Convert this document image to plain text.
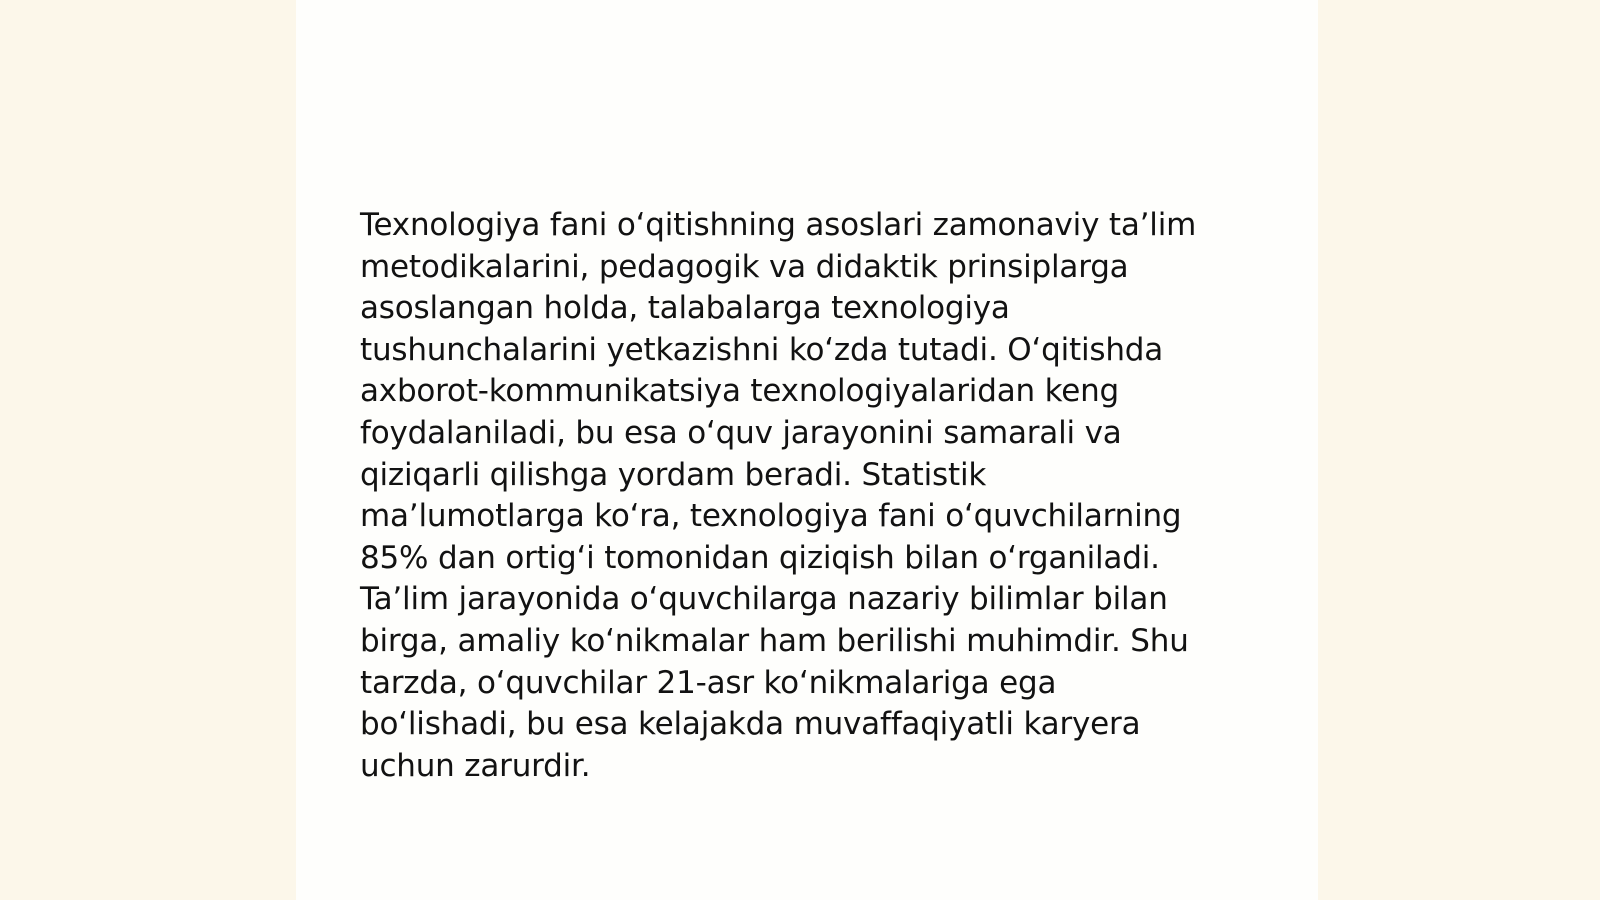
Texnologiya fani o‘qitishning asoslari zamonaviy ta’lim
metodikalarini, pedagogik va didaktik prinsiplarga
asoslangan holda, talabalarga texnologiya
tushunchalarini yetkazishni ko‘zda tutadi. O‘qitishda
axborot-kommunikatsiya texnologiyalaridan keng
foydalaniladi, bu esa o‘quv jarayonini samarali va
qiziqarli qilishga yordam beradi. Statistik
ma’lumotlarga ko‘ra, texnologiya fani o‘quvchilarning
85% dan ortig‘i tomonidan qiziqish bilan o‘rganiladi.
Ta’lim jarayonida o‘quvchilarga nazariy bilimlar bilan
birga, amaliy ko‘nikmalar ham berilishi muhimdir. Shu
tarzda, o‘quvchilar 21-asr ko‘nikmalariga ega
bo‘lishadi, bu esa kelajakda muvaffaqiyatli karyera
uchun zarurdir.
